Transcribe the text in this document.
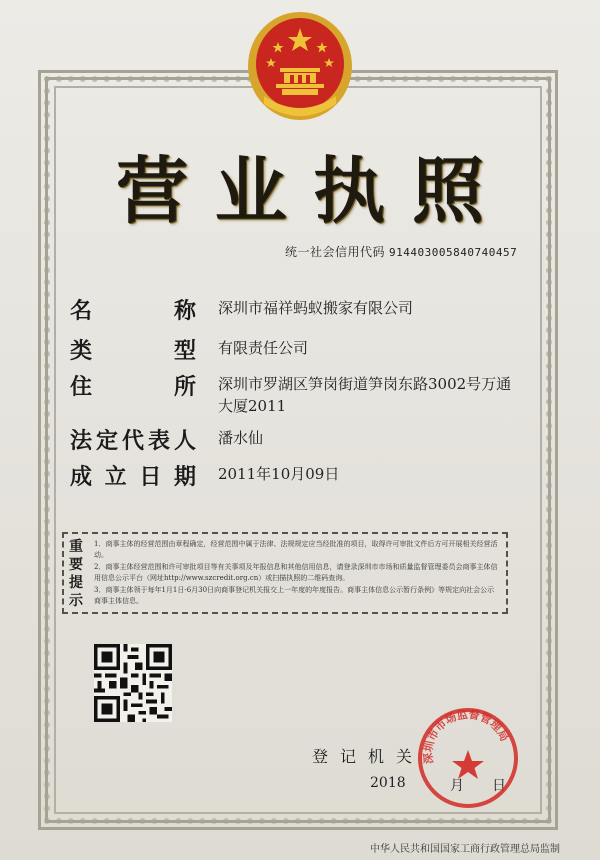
营 业 执 照
统一社会信用代码 914403005840740457
名	称 深圳市福祥蚂蚁搬家有限公司
类	型 有限责任公司
住	所 深圳市罗湖区笋岗街道笋岗东路3002号万通
大厦2011
法 定 代 表 人 潘水仙
成 立 日 期 2011年10月09日
重
要
提
示
1．商事主体的经营范围由章程确定，经营范围中属于法律、法规规定应当经批准的项目，取得许可审批文件后方可开展相关经营活动。
2．商事主体经营范围和许可审批项目等有关事项及年报信息和其他信用信息，请登录深圳市市场和质量监督管理委员会商事主体信用信息公示平台（网址http://www.szcredit.org.cn）或扫描执照的二维码查询。
3．商事主体领于每年1月1日-6月30日向商事登记机关报交上一年度的年度报告。商事主体信息公示暂行条例》等规定向社会公示商事主体信息。
登 记 机 关
2018	月 日
深圳市市场监督管理局
中华人民共和国国家工商行政管理总局监制
